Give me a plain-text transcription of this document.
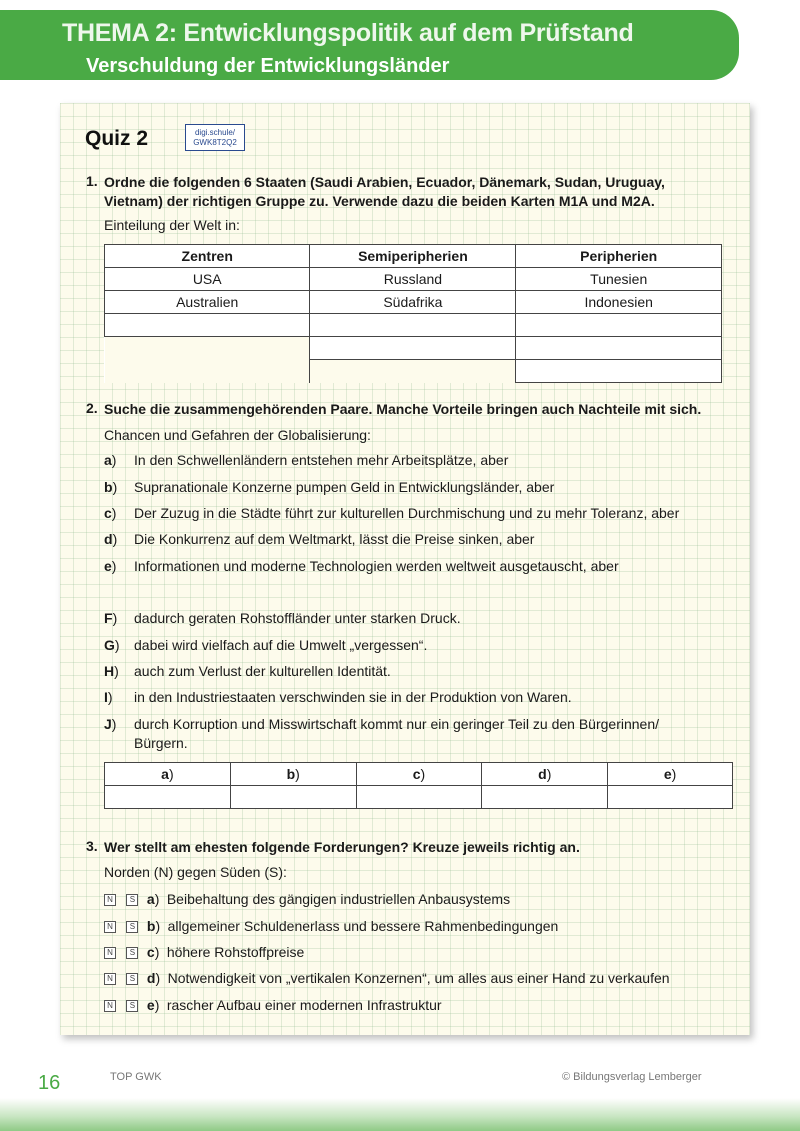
THEMA 2: Entwicklungspolitik auf dem Prüfstand
Verschuldung der Entwicklungsländer
Quiz 2	digi.schule/
GWK8T2Q2
1. Ordne die folgenden 6 Staaten (Saudi Arabien, Ecuador, Dänemark, Sudan, Uruguay,
Vietnam) der richtigen Gruppe zu. Verwende dazu die beiden Karten M1A und M2A.
Einteilung der Welt in:
Zentren	Semiperipherien	Peripherien
USA	Russland	Tunesien
Australien	Südafrika	Indonesien

2. Suche die zusammengehörenden Paare. Manche Vorteile bringen auch Nachteile mit sich.
Chancen und Gefahren der Globalisierung:
a) In den Schwellenländern entstehen mehr Arbeitsplätze, aber
b) Supranationale Konzerne pumpen Geld in Entwicklungsländer, aber
c) Der Zuzug in die Städte führt zur kulturellen Durchmischung und zu mehr Toleranz, aber
d) Die Konkurrenz auf dem Weltmarkt, lässt die Preise sinken, aber
e) Informationen und moderne Technologien werden weltweit ausgetauscht, aber
F) dadurch geraten Rohstoffländer unter starken Druck.
G) dabei wird vielfach auf die Umwelt „vergessen“.
H) auch zum Verlust der kulturellen Identität.
I) in den Industriestaaten verschwinden sie in der Produktion von Waren.
J) durch Korruption und Misswirtschaft kommt nur ein geringer Teil zu den Bürgerinnen/
Bürgern.
a)	b)	c)	d)	e)

3. Wer stellt am ehesten folgende Forderungen? Kreuze jeweils richtig an.
Norden (N) gegen Süden (S):
N S a) Beibehaltung des gängigen industriellen Anbausystems
N S b) allgemeiner Schuldenerlass und bessere Rahmenbedingungen
N S c) höhere Rohstoffpreise
N S d) Notwendigkeit von „vertikalen Konzernen“, um alles aus einer Hand zu verkaufen
N S e) rascher Aufbau einer modernen Infrastruktur
16	TOP GWK	© Bildungsverlag Lemberger
